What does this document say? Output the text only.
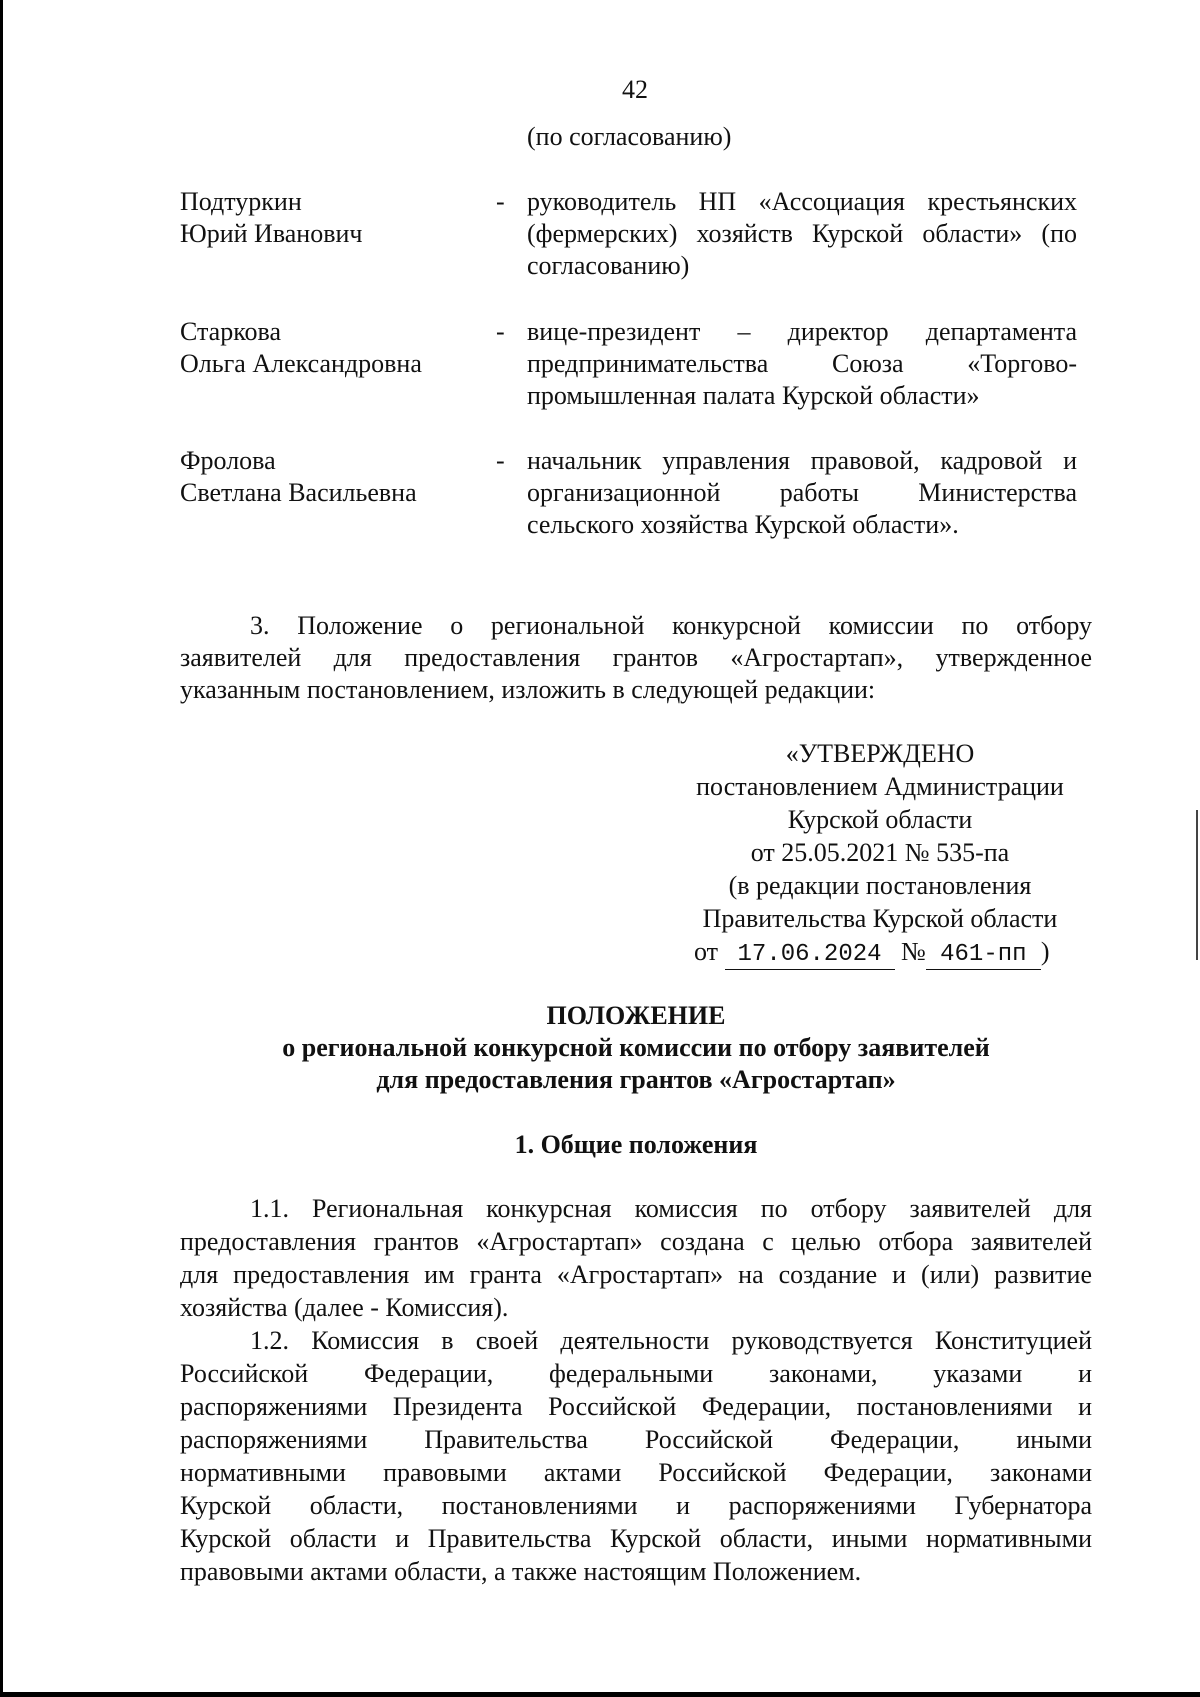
42
(по согласованию)
Подтуркин
Юрий Иванович
- руководитель НП «Ассоциация крестьянских
(фермерских) хозяйств Курской области» (по
согласованию)
Старкова
Ольга Александровна
- вице-президент – директор департамента
предпринимательства Союза «Торгово-
промышленная палата Курской области»
Фролова
Светлана Васильевна
- начальник управления правовой, кадровой и
организационной работы Министерства
сельского хозяйства Курской области».
3. Положение о региональной конкурсной комиссии по отбору
заявителей для предоставления грантов «Агростартап», утвержденное
указанным постановлением, изложить в следующей редакции:
«УТВЕРЖДЕНО
постановлением Администрации
Курской области
от 25.05.2021 № 535-па
(в редакции постановления
Правительства Курской области
от 17.06.2024 № 461-пп )
ПОЛОЖЕНИЕ
о региональной конкурсной комиссии по отбору заявителей
для предоставления грантов «Агростартап»
1. Общие положения
1.1. Региональная конкурсная комиссия по отбору заявителей для
предоставления грантов «Агростартап» создана с целью отбора заявителей
для предоставления им гранта «Агростартап» на создание и (или) развитие
хозяйства (далее - Комиссия).
1.2. Комиссия в своей деятельности руководствуется Конституцией
Российской Федерации, федеральными законами, указами и
распоряжениями Президента Российской Федерации, постановлениями и
распоряжениями Правительства Российской Федерации, иными
нормативными правовыми актами Российской Федерации, законами
Курской области, постановлениями и распоряжениями Губернатора
Курской области и Правительства Курской области, иными нормативными
правовыми актами области, а также настоящим Положением.
